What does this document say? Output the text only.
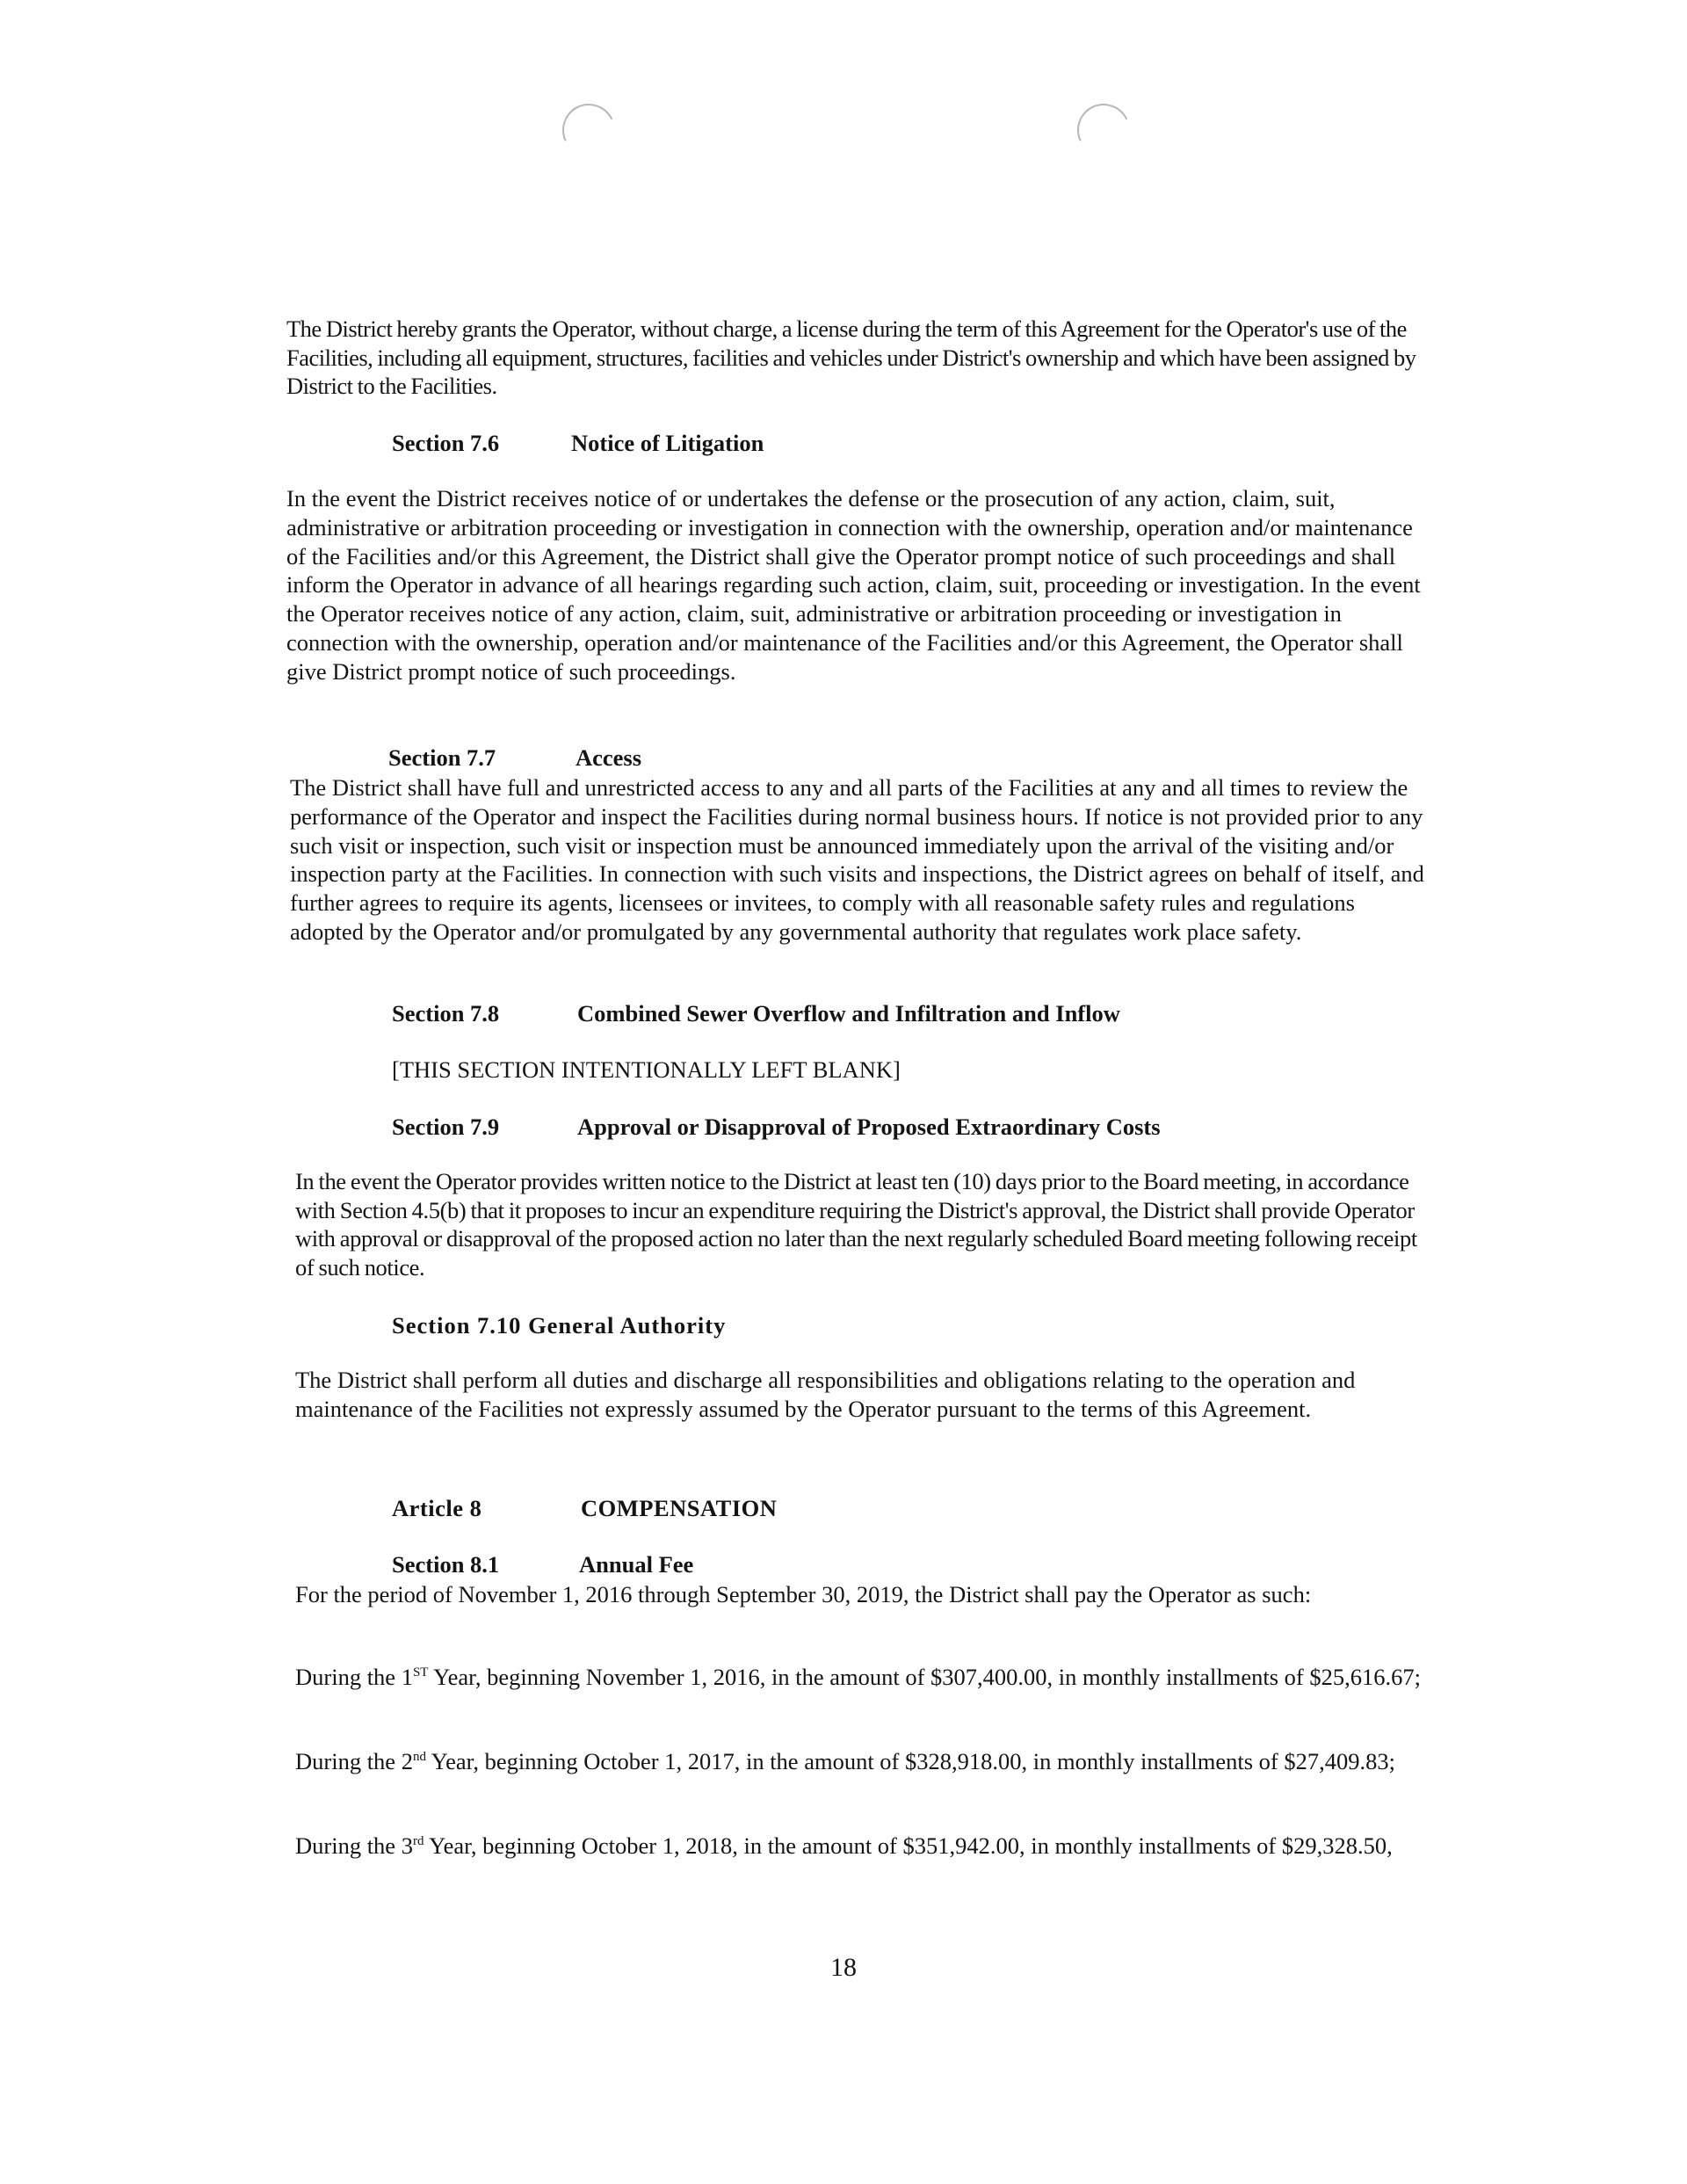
The District hereby grants the Operator, without charge, a license during the term of this Agreement for the Operator's use of the Facilities, including all equipment, structures, facilities and vehicles under District's ownership and which have been assigned by District to the Facilities.

Section 7.6	Notice of Litigation

In the event the District receives notice of or undertakes the defense or the prosecution of any action, claim, suit, administrative or arbitration proceeding or investigation in connection with the ownership, operation and/or maintenance of the Facilities and/or this Agreement, the District shall give the Operator prompt notice of such proceedings and shall inform the Operator in advance of all hearings regarding such action, claim, suit, proceeding or investigation. In the event the Operator receives notice of any action, claim, suit, administrative or arbitration proceeding or investigation in connection with the ownership, operation and/or maintenance of the Facilities and/or this Agreement, the Operator shall give District prompt notice of such proceedings.

Section 7.7	Access

The District shall have full and unrestricted access to any and all parts of the Facilities at any and all times to review the performance of the Operator and inspect the Facilities during normal business hours. If notice is not provided prior to any such visit or inspection, such visit or inspection must be announced immediately upon the arrival of the visiting and/or inspection party at the Facilities. In connection with such visits and inspections, the District agrees on behalf of itself, and further agrees to require its agents, licensees or invitees, to comply with all reasonable safety rules and regulations adopted by the Operator and/or promulgated by any governmental authority that regulates work place safety.

Section 7.8	Combined Sewer Overflow and Infiltration and Inflow
[THIS SECTION INTENTIONALLY LEFT BLANK]
Section 7.9	Approval or Disapproval of Proposed Extraordinary Costs

In the event the Operator provides written notice to the District at least ten (10) days prior to the Board meeting, in accordance with Section 4.5(b) that it proposes to incur an expenditure requiring the District's approval, the District shall provide Operator with approval or disapproval of the proposed action no later than the next regularly scheduled Board meeting following receipt of such notice.

Section 7.10 General Authority

The District shall perform all duties and discharge all responsibilities and obligations relating to the operation and maintenance of the Facilities not expressly assumed by the Operator pursuant to the terms of this Agreement.

Article 8	COMPENSATION
Section 8.1	Annual Fee

For the period of November 1, 2016 through September 30, 2019, the District shall pay the Operator as such:

During the 1ST Year, beginning November 1, 2016, in the amount of $307,400.00, in monthly installments of $25,616.67;

During the 2nd Year, beginning October 1, 2017, in the amount of $328,918.00, in monthly installments of $27,409.83;

During the 3rd Year, beginning October 1, 2018, in the amount of $351,942.00, in monthly installments of $29,328.50,

18
